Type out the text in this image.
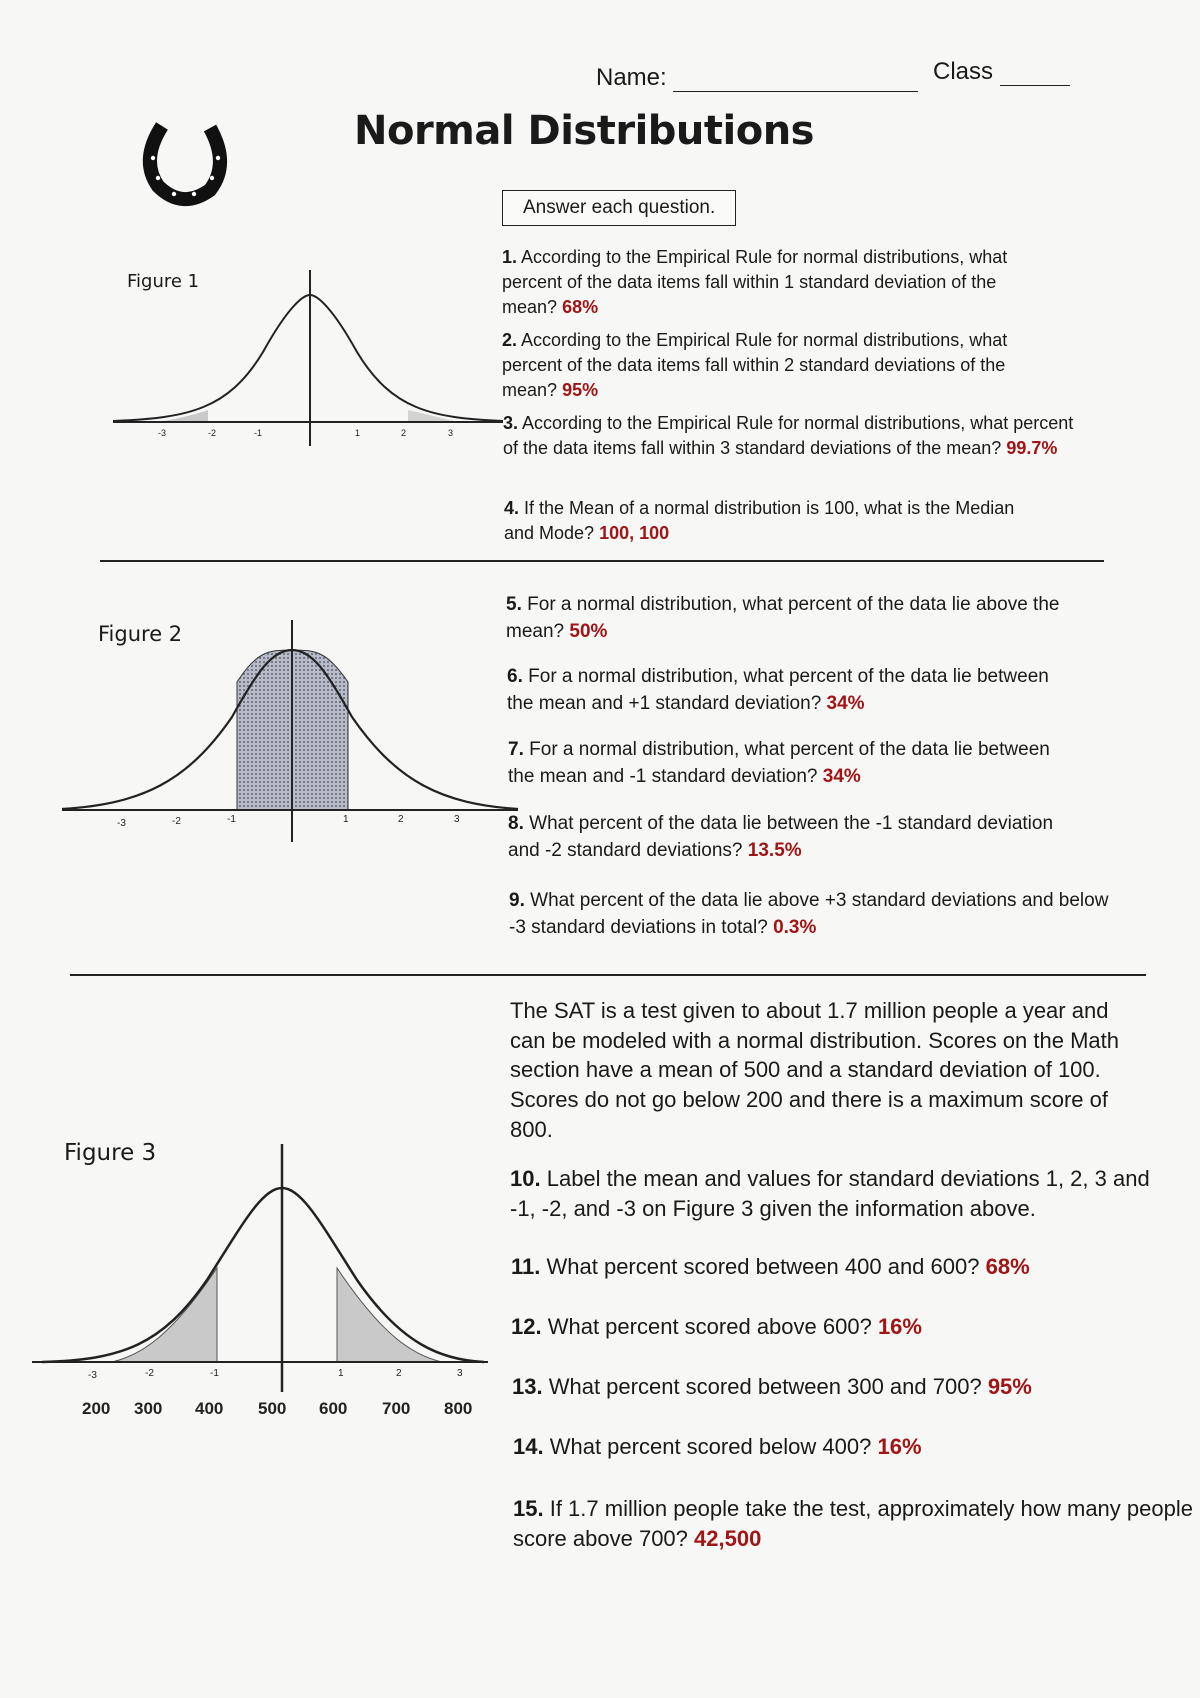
Name:	Class
Normal Distributions
Answer each question.
Figure 1
Figure 2
Figure 3
-3	-2	-1	1	2	3
-3	-2	-1	1	2	3
-3	-2	-1	1	2	3
200 300 400 500 600 700 800
1. According to the Empirical Rule for normal distributions, what percent of the data items fall within 1 standard deviation of the mean? 68%
2. According to the Empirical Rule for normal distributions, what percent of the data items fall within 2 standard deviations of the mean? 95%
3. According to the Empirical Rule for normal distributions, what percent of the data items fall within 3 standard deviations of the mean? 99.7%
4. If the Mean of a normal distribution is 100, what is the Median and Mode? 100, 100
5. For a normal distribution, what percent of the data lie above the mean? 50%
6. For a normal distribution, what percent of the data lie between the mean and +1 standard deviation? 34%
7. For a normal distribution, what percent of the data lie between the mean and -1 standard deviation? 34%
8. What percent of the data lie between the -1 standard deviation and -2 standard deviations? 13.5%
9. What percent of the data lie above +3 standard deviations and below -3 standard deviations in total? 0.3%
The SAT is a test given to about 1.7 million people a year and can be modeled with a normal distribution. Scores on the Math section have a mean of 500 and a standard deviation of 100. Scores do not go below 200 and there is a maximum score of 800.
10. Label the mean and values for standard deviations 1, 2, 3 and -1, -2, and -3 on Figure 3 given the information above.
11. What percent scored between 400 and 600? 68%
12. What percent scored above 600? 16%
13. What percent scored between 300 and 700? 95%
14. What percent scored below 400? 16%
15. If 1.7 million people take the test, approximately how many people score above 700? 42,500
